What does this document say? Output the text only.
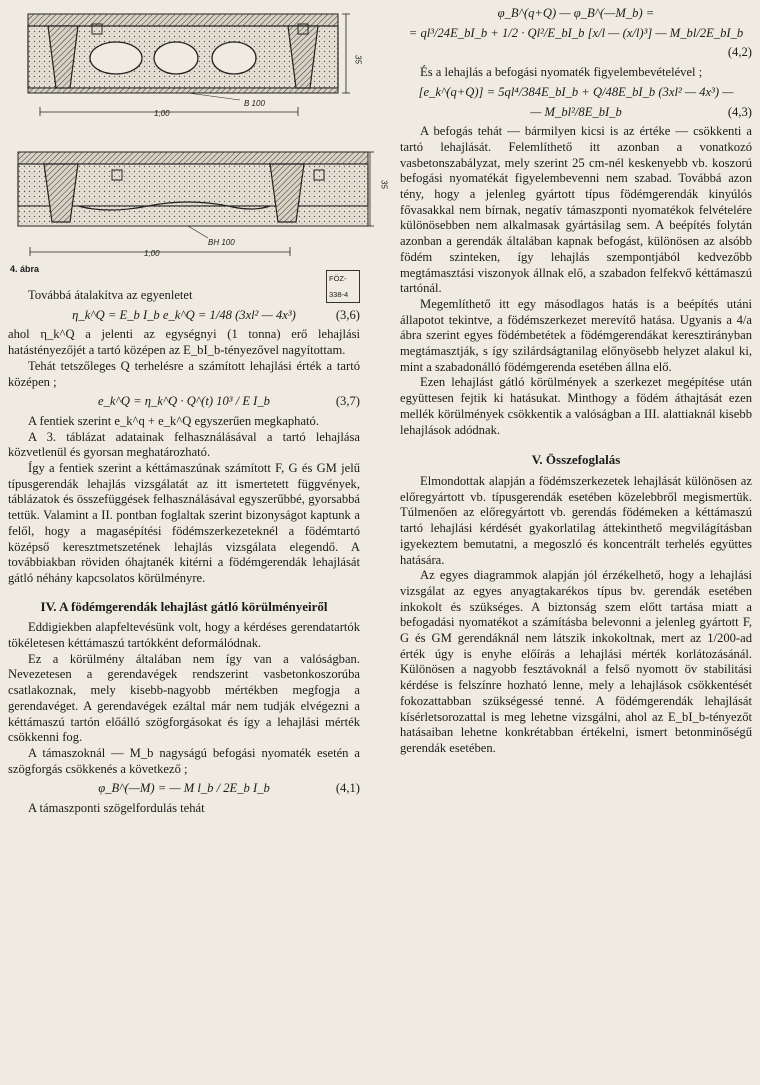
35
B 100
1,00
35
BH 100
1,00
4. ábra
FÖZ-338-4

Továbbá átalakítva az egyenletet

η_k^Q = E_b I_b e_k^Q = 1/48 (3xl² — 4x³)	(3,6)

ahol η_k^Q a jelenti az egységnyi (1 tonna) erő lehajlási hatástényezőjét a tartó középen az E_bI_b-tényezővel nagyítottam.

Tehát tetszőleges Q terhelésre a számított lehajlási érték a tartó középen ;

e_k^Q = η_k^Q · Q^(t) 10³ / E I_b	(3,7)

A fentiek szerint e_k^q + e_k^Q egyszerűen megkapható.

A 3. táblázat adatainak felhasználásával a tartó lehajlása közvetlenül és gyorsan meghatározható.

Így a fentiek szerint a kéttámaszúnak számított F, G és GM jelű típusgerendák lehajlás vizsgálatát az itt ismertetett függvények, táblázatok és összefüggések felhasználásával egyszerűbbé, gyorsabbá tettük. Valamint a II. pontban foglaltak szerint bizonyságot kaptunk a felől, hogy a magasépítési födémszerkezeteknél a födémtartó középső keresztmetszetének lehajlás vizsgálata elegendő. A továbbiakban röviden óhajtanék kitérni a födémgerendák lehajlását gátló néhány kapcsolatos körülményre.

IV. A födémgerendák lehajlást gátló körülményeiről

Eddigiekben alapfeltevésünk volt, hogy a kérdéses gerendatartók tökéletesen kéttámaszú tartókként deformálódnak.

Ez a körülmény általában nem így van a valóságban. Nevezetesen a gerendavégek rendszerint vasbetonkoszorúba csatlakoznak, mely kisebb-nagyobb mértékben megfogja a gerendavéget. A gerendavégek ezáltal már nem tudják elvégezni a kéttámaszú tartón előálló szögforgásokat és így a lehajlási mérték csökkenni fog.

A támaszoknál — M_b nagyságú befogási nyomaték esetén a szögforgás csökkenés a következő ;

φ_B^(—M) = — M l_b / 2E_b I_b	(4,1)

A támaszponti szögelfordulás tehát

φ_B^(q+Q) — φ_B^(—M_b) =
= ql³/24E_bI_b + 1/2 · Ql²/E_bI_b [x/l — (x/l)³] — M_bl/2E_bI_b
(4,2)

És a lehajlás a befogási nyomaték figyelembevételével ;

[e_k^(q+Q)] = 5ql⁴/384E_bI_b + Q/48E_bI_b (3xl² — 4x³) —
— M_bl²/8E_bI_b	(4,3)

A befogás tehát — bármilyen kicsi is az értéke — csökkenti a tartó lehajlását. Felemlíthető itt azonban a vonatkozó vasbetonszabályzat, mely szerint 25 cm-nél keskenyebb vb. koszorú befogási nyomatékát figyelembevenni nem szabad. Továbbá azon tény, hogy a jelenleg gyártott típus födémgerendák kinyúlós fővasakkal nem bírnak, negatív támaszponti nyomatékok felvételére különösebben nem alkalmasak gyártásilag sem. A beépítés folytán azonban a gerendák általában kapnak befogást, különösen az alsóbb födém szinteken, így lehajlás szempontjából kedvezőbb megtámasztási viszonyok állnak elő, a szabadon felfekvő kéttámaszú tartónál.

Megemlíthető itt egy másodlagos hatás is a beépítés utáni állapotot tekintve, a födémszerkezet merevítő hatása. Ugyanis a 4/a ábra szerint egyes födémbetétek a födémgerendákat keresztirányban megtámasztják, s így szilárdságtanilag előnyösebb helyzet alakul ki, mint a szabadonálló födémgerenda esetében állna elő.

Ezen lehajlást gátló körülmények a szerkezet megépítése után együttesen fejtik ki hatásukat. Minthogy a födém áthajtását ezen mellék körülmények csökkentik a valóságban a III. alattiaknál kisebb lehajlások adódnak.

V. Összefoglalás

Elmondottak alapján a födémszerkezetek lehajlását különösen az előregyártott vb. típusgerendák esetében közelebbről megismertük. Túlmenően az előregyártott vb. gerendás födémeken a kéttámaszú tartó lehajlási kérdését gyakorlatilag áttekinthető megvilágításban igyekeztem bemutatni, a megoszló és koncentrált terhelés együttes hatására.

Az egyes diagrammok alapján jól érzékelhető, hogy a lehajlási vizsgálat az egyes anyagtakarékos típus bv. gerendák esetében inkokolt és szükséges. A biztonság szem előtt tartása miatt a befogadási nyomatékot a számításba belevonni a jelenleg gyártott F, G és GM gerendáknál nem látszik inkokoltnak, mert az 1/200-ad érték úgy is enyhe előírás a lehajlási mérték korlátozásánál. Különösen a nagyobb fesztávoknál a felső nyomott öv stabilitási kérdése is felszínre hozható lenne, mely a lehajlások csökkentését fokozattabban szükségessé tenné. A födémgerendák lehajlását kísérletsorozattal is meg lehetne vizsgálni, ahol az E_bI_b-tényezőt hatásaiban lehetne konkrétabban értékelni, ismert betonminőségű gerendák esetében.
